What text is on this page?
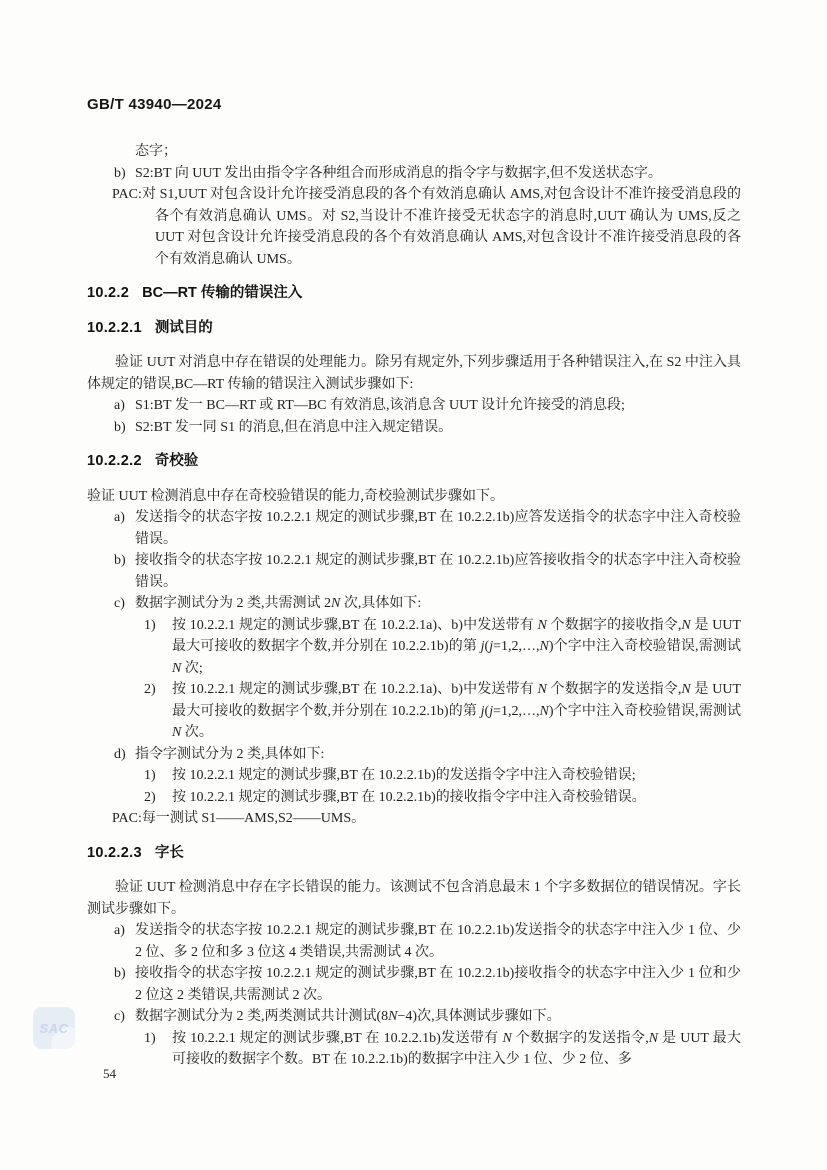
GB/T 43940—2024
态字；
b) S2:BT 向 UUT 发出由指令字各种组合而形成消息的指令字与数据字,但不发送状态字。
PAC:对 S1,UUT 对包含设计允许接受消息段的各个有效消息确认 AMS,对包含设计不准许接受消息段的各个有效消息确认 UMS。对 S2,当设计不准许接受无状态字的消息时,UUT 确认为 UMS,反之 UUT 对包含设计允许接受消息段的各个有效消息确认 AMS,对包含设计不准许接受消息段的各个有效消息确认 UMS。
10.2.2 BC—RT 传输的错误注入
10.2.2.1 测试目的
验证 UUT 对消息中存在错误的处理能力。除另有规定外,下列步骤适用于各种错误注入,在 S2 中注入具体规定的错误,BC—RT 传输的错误注入测试步骤如下:
a) S1:BT 发一 BC—RT 或 RT—BC 有效消息,该消息含 UUT 设计允许接受的消息段;
b) S2:BT 发一同 S1 的消息,但在消息中注入规定错误。
10.2.2.2 奇校验
验证 UUT 检测消息中存在奇校验错误的能力,奇校验测试步骤如下。
a) 发送指令的状态字按 10.2.2.1 规定的测试步骤,BT 在 10.2.2.1b)应答发送指令的状态字中注入奇校验错误。
b) 接收指令的状态字按 10.2.2.1 规定的测试步骤,BT 在 10.2.2.1b)应答接收指令的状态字中注入奇校验错误。
c) 数据字测试分为 2 类,共需测试 2N 次,具体如下:
1) 按 10.2.2.1 规定的测试步骤,BT 在 10.2.2.1a)、b)中发送带有 N 个数据字的接收指令,N 是 UUT 最大可接收的数据字个数,并分别在 10.2.2.1b)的第 j(j=1,2,…,N)个字中注入奇校验错误,需测试 N 次;
2) 按 10.2.2.1 规定的测试步骤,BT 在 10.2.2.1a)、b)中发送带有 N 个数据字的发送指令,N 是 UUT 最大可接收的数据字个数,并分别在 10.2.2.1b)的第 j(j=1,2,…,N)个字中注入奇校验错误,需测试 N 次。
d) 指令字测试分为 2 类,具体如下:
1) 按 10.2.2.1 规定的测试步骤,BT 在 10.2.2.1b)的发送指令字中注入奇校验错误;
2) 按 10.2.2.1 规定的测试步骤,BT 在 10.2.2.1b)的接收指令字中注入奇校验错误。
PAC:每一测试 S1——AMS,S2——UMS。
10.2.2.3 字长
验证 UUT 检测消息中存在字长错误的能力。该测试不包含消息最末 1 个字多数据位的错误情况。字长测试步骤如下。
a) 发送指令的状态字按 10.2.2.1 规定的测试步骤,BT 在 10.2.2.1b)发送指令的状态字中注入少 1 位、少 2 位、多 2 位和多 3 位这 4 类错误,共需测试 4 次。
b) 接收指令的状态字按 10.2.2.1 规定的测试步骤,BT 在 10.2.2.1b)接收指令的状态字中注入少 1 位和少 2 位这 2 类错误,共需测试 2 次。
c) 数据字测试分为 2 类,两类测试共计测试(8N−4)次,具体测试步骤如下。
1) 按 10.2.2.1 规定的测试步骤,BT 在 10.2.2.1b)发送带有 N 个数据字的发送指令,N 是 UUT 最大可接收的数据字个数。BT 在 10.2.2.1b)的数据字中注入少 1 位、少 2 位、多
SAC
54
